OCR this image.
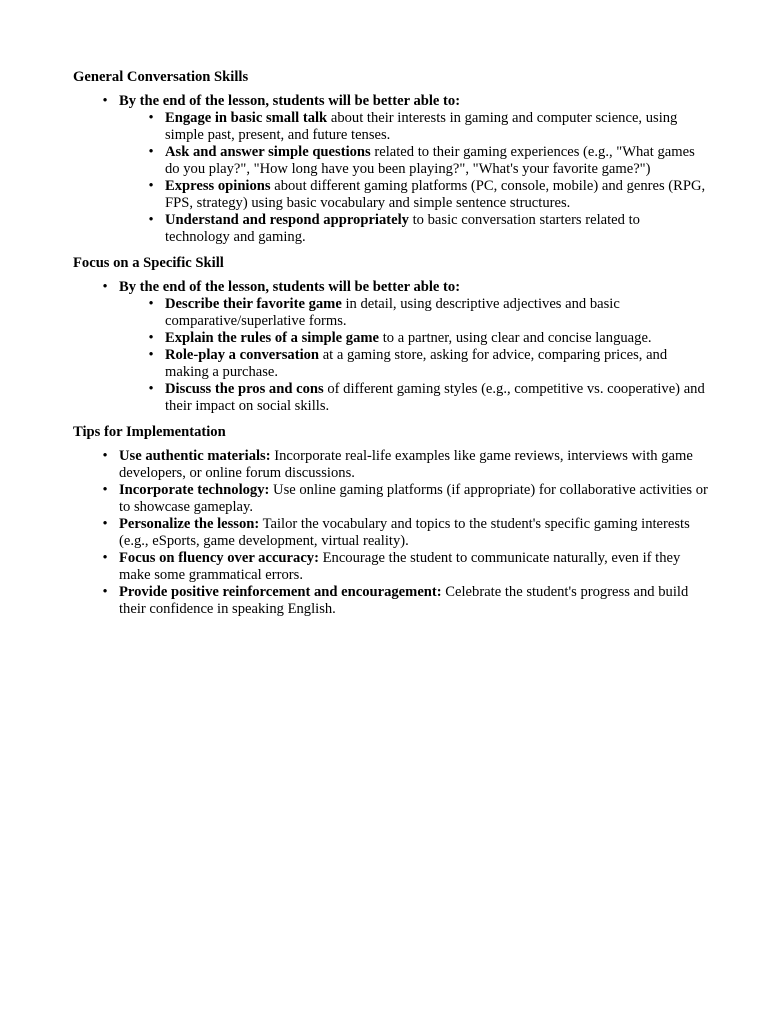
General Conversation Skills
• By the end of the lesson, students will be better able to:
• Engage in basic small talk about their interests in gaming and computer science, using simple past, present, and future tenses.
• Ask and answer simple questions related to their gaming experiences (e.g., "What games do you play?", "How long have you been playing?", "What's your favorite game?")
• Express opinions about different gaming platforms (PC, console, mobile) and genres (RPG, FPS, strategy) using basic vocabulary and simple sentence structures.
• Understand and respond appropriately to basic conversation starters related to technology and gaming.
Focus on a Specific Skill
• By the end of the lesson, students will be better able to:
• Describe their favorite game in detail, using descriptive adjectives and basic comparative/superlative forms.
• Explain the rules of a simple game to a partner, using clear and concise language.
• Role-play a conversation at a gaming store, asking for advice, comparing prices, and making a purchase.
• Discuss the pros and cons of different gaming styles (e.g., competitive vs. cooperative) and their impact on social skills.
Tips for Implementation
• Use authentic materials: Incorporate real-life examples like game reviews, interviews with game developers, or online forum discussions.
• Incorporate technology: Use online gaming platforms (if appropriate) for collaborative activities or to showcase gameplay.
• Personalize the lesson: Tailor the vocabulary and topics to the student's specific gaming interests (e.g., eSports, game development, virtual reality).
• Focus on fluency over accuracy: Encourage the student to communicate naturally, even if they make some grammatical errors.
• Provide positive reinforcement and encouragement: Celebrate the student's progress and build their confidence in speaking English.
